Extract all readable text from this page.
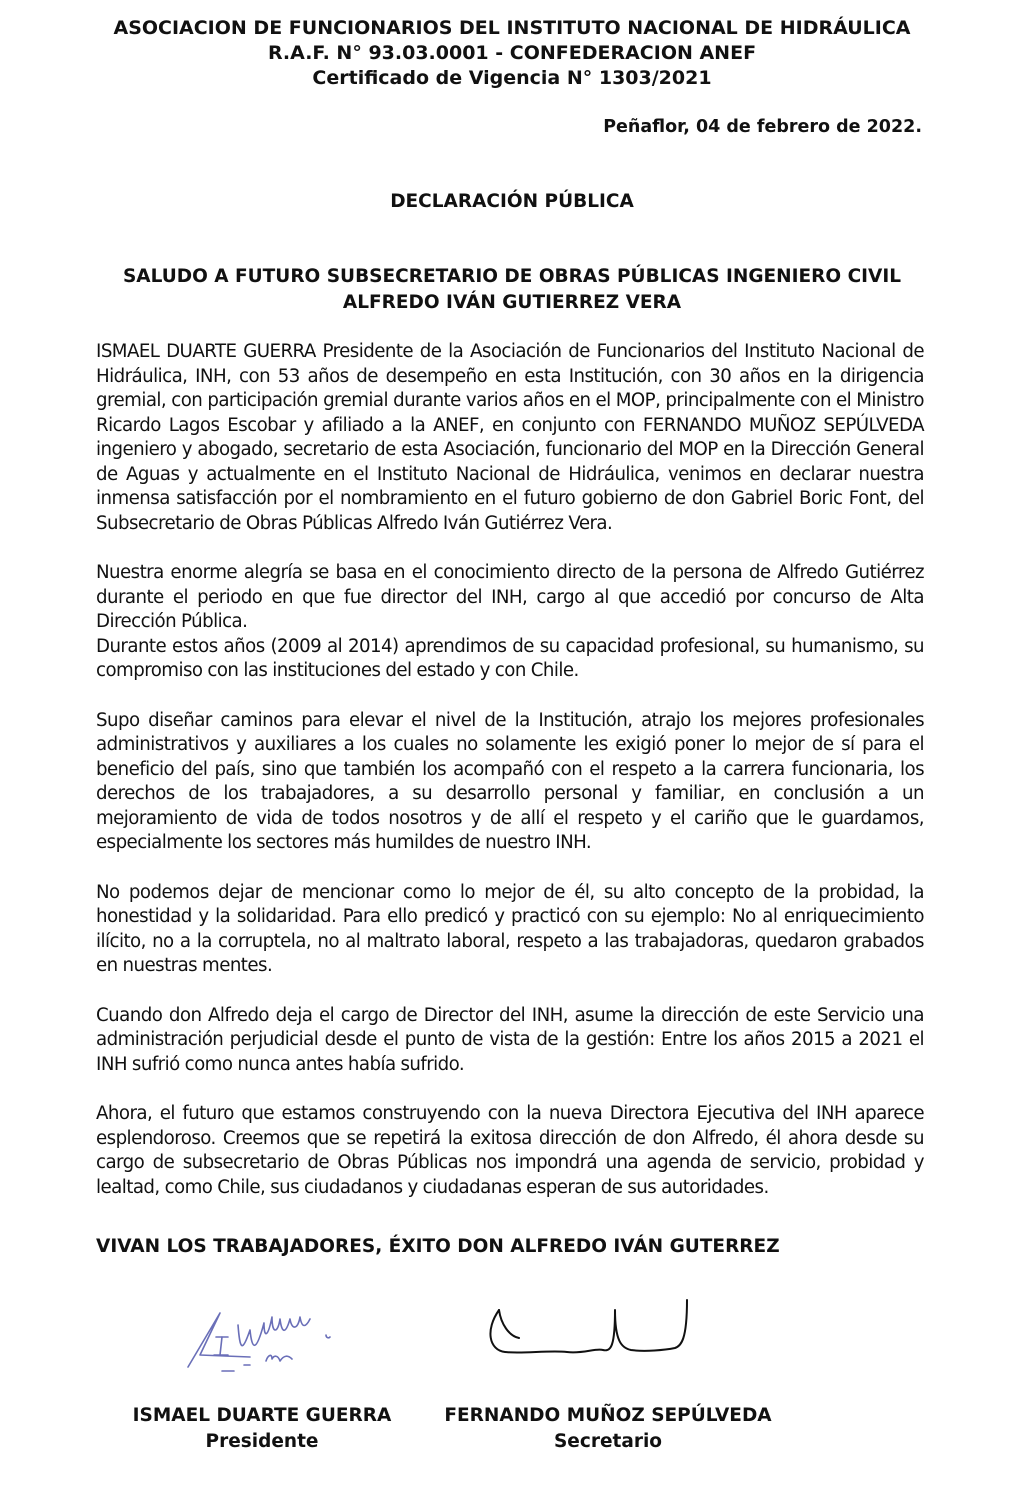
ASOCIACION DE FUNCIONARIOS DEL INSTITUTO NACIONAL DE HIDRÁULICA
R.A.F. N° 93.03.0001 - CONFEDERACION ANEF
Certificado de Vigencia N° 1303/2021
Peñaflor, 04 de febrero de 2022.
DECLARACIÓN PÚBLICA
SALUDO A FUTURO SUBSECRETARIO DE OBRAS PÚBLICAS INGENIERO CIVIL
ALFREDO IVÁN GUTIERREZ VERA

ISMAEL DUARTE GUERRA Presidente de la Asociación de Funcionarios del Instituto Nacional de Hidráulica, INH, con 53 años de desempeño en esta Institución, con 30 años en la dirigencia gremial, con participación gremial durante varios años en el MOP, principalmente con el Ministro Ricardo Lagos Escobar y afiliado a la ANEF, en conjunto con FERNANDO MUÑOZ SEPÚLVEDA ingeniero y abogado, secretario de esta Asociación, funcionario del MOP en la Dirección General de Aguas y actualmente en el Instituto Nacional de Hidráulica, venimos en declarar nuestra inmensa satisfacción por el nombramiento en el futuro gobierno de don Gabriel Boric Font, del Subsecretario de Obras Públicas Alfredo Iván Gutiérrez Vera.

Nuestra enorme alegría se basa en el conocimiento directo de la persona de Alfredo Gutiérrez durante el periodo en que fue director del INH, cargo al que accedió por concurso de Alta Dirección Pública.

Durante estos años (2009 al 2014) aprendimos de su capacidad profesional, su humanismo, su compromiso con las instituciones del estado y con Chile.

Supo diseñar caminos para elevar el nivel de la Institución, atrajo los mejores profesionales administrativos y auxiliares a los cuales no solamente les exigió poner lo mejor de sí para el beneficio del país, sino que también los acompañó con el respeto a la carrera funcionaria, los derechos de los trabajadores, a su desarrollo personal y familiar, en conclusión a un mejoramiento de vida de todos nosotros y de allí el respeto y el cariño que le guardamos, especialmente los sectores más humildes de nuestro INH.

No podemos dejar de mencionar como lo mejor de él, su alto concepto de la probidad, la honestidad y la solidaridad. Para ello predicó y practicó con su ejemplo: No al enriquecimiento ilícito, no a la corruptela, no al maltrato laboral, respeto a las trabajadoras, quedaron grabados en nuestras mentes.

Cuando don Alfredo deja el cargo de Director del INH, asume la dirección de este Servicio una administración perjudicial desde el punto de vista de la gestión: Entre los años 2015 a 2021 el INH sufrió como nunca antes había sufrido.

Ahora, el futuro que estamos construyendo con la nueva Directora Ejecutiva del INH aparece esplendoroso. Creemos que se repetirá la exitosa dirección de don Alfredo, él ahora desde su cargo de subsecretario de Obras Públicas nos impondrá una agenda de servicio, probidad y lealtad, como Chile, sus ciudadanos y ciudadanas esperan de sus autoridades.

VIVAN LOS TRABAJADORES, ÉXITO DON ALFREDO IVÁN GUTERREZ
ISMAEL DUARTE GUERRA
Presidente
FERNANDO MUÑOZ SEPÚLVEDA
Secretario
